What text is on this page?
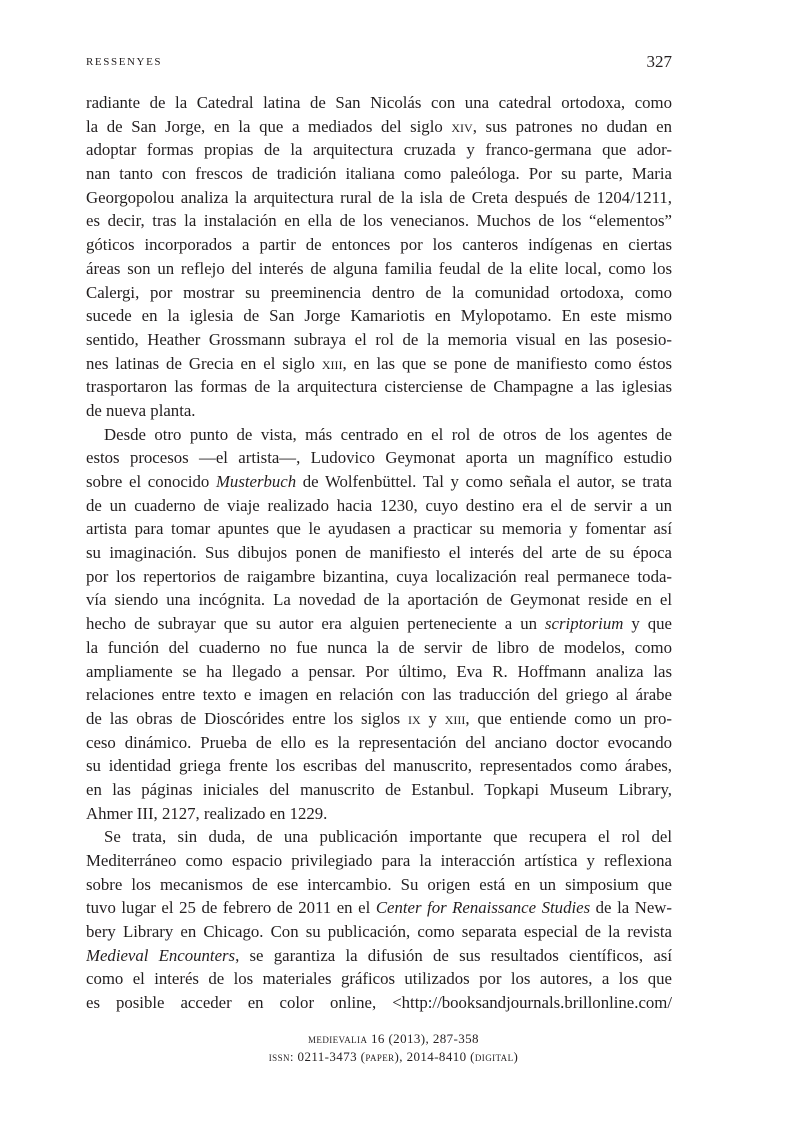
RESSENYES	327
radiante de la Catedral latina de San Nicolás con una catedral ortodoxa, como
la de San Jorge, en la que a mediados del siglo xiv, sus patrones no dudan en
adoptar formas propias de la arquitectura cruzada y franco-germana que ador-
nan tanto con frescos de tradición italiana como paleóloga. Por su parte, Maria
Georgopolou analiza la arquitectura rural de la isla de Creta después de 1204/1211,
es decir, tras la instalación en ella de los venecianos. Muchos de los “elementos”
góticos incorporados a partir de entonces por los canteros indígenas en ciertas
áreas son un reflejo del interés de alguna familia feudal de la elite local, como los
Calergi, por mostrar su preeminencia dentro de la comunidad ortodoxa, como
sucede en la iglesia de San Jorge Kamariotis en Mylopotamo. En este mismo
sentido, Heather Grossmann subraya el rol de la memoria visual en las posesio-
nes latinas de Grecia en el siglo xiii, en las que se pone de manifiesto como éstos
trasportaron las formas de la arquitectura cisterciense de Champagne a las iglesias
de nueva planta.
Desde otro punto de vista, más centrado en el rol de otros de los agentes de
estos procesos —el artista—, Ludovico Geymonat aporta un magnífico estudio
sobre el conocido Musterbuch de Wolfenbüttel. Tal y como señala el autor, se trata
de un cuaderno de viaje realizado hacia 1230, cuyo destino era el de servir a un
artista para tomar apuntes que le ayudasen a practicar su memoria y fomentar así
su imaginación. Sus dibujos ponen de manifiesto el interés del arte de su época
por los repertorios de raigambre bizantina, cuya localización real permanece toda-
vía siendo una incógnita. La novedad de la aportación de Geymonat reside en el
hecho de subrayar que su autor era alguien perteneciente a un scriptorium y que
la función del cuaderno no fue nunca la de servir de libro de modelos, como
ampliamente se ha llegado a pensar. Por último, Eva R. Hoffmann analiza las
relaciones entre texto e imagen en relación con las traducción del griego al árabe
de las obras de Dioscórides entre los siglos ix y xiii, que entiende como un pro-
ceso dinámico. Prueba de ello es la representación del anciano doctor evocando
su identidad griega frente los escribas del manuscrito, representados como árabes,
en las páginas iniciales del manuscrito de Estanbul. Topkapi Museum Library,
Ahmer III, 2127, realizado en 1229.
Se trata, sin duda, de una publicación importante que recupera el rol del
Mediterráneo como espacio privilegiado para la interacción artística y reflexiona
sobre los mecanismos de ese intercambio. Su origen está en un simposium que
tuvo lugar el 25 de febrero de 2011 en el Center for Renaissance Studies de la New-
bery Library en Chicago. Con su publicación, como separata especial de la revista
Medieval Encounters, se garantiza la difusión de sus resultados científicos, así
como el interés de los materiales gráficos utilizados por los autores, a los que
es posible acceder en color online, <http://booksandjournals.brillonline.com/
medievalia 16 (2013), 287-358
issn: 0211-3473 (paper), 2014-8410 (digital)
